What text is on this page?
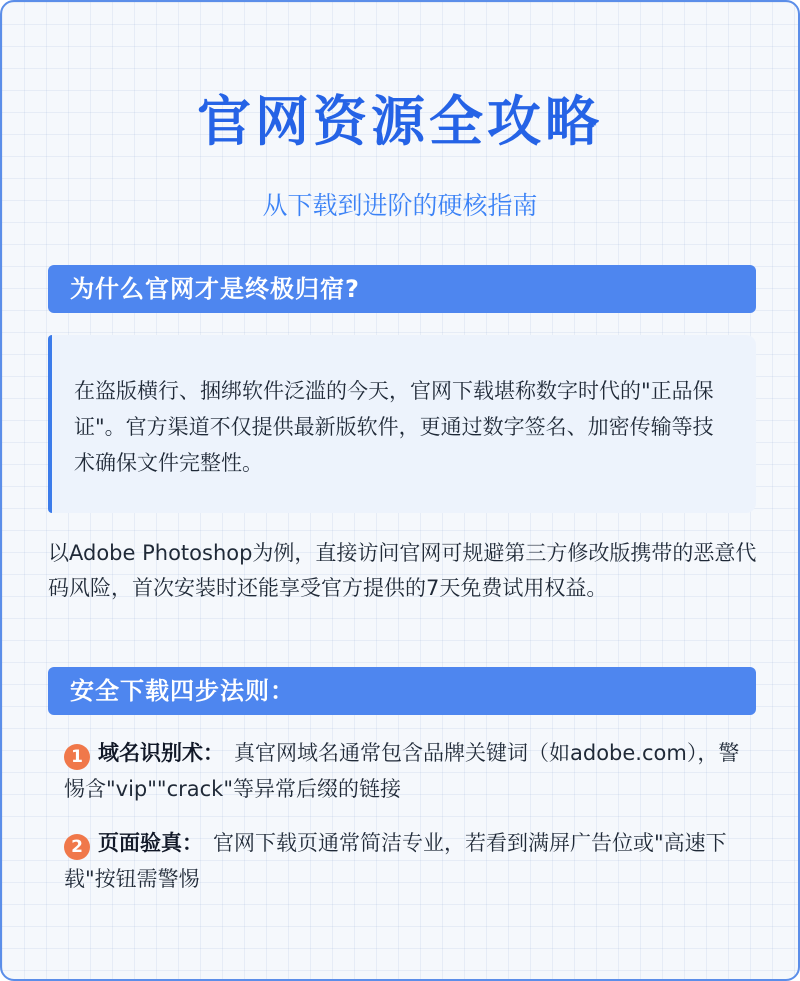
官网资源全攻略
从下载到进阶的硬核指南
为什么官网才是终极归宿?
在盗版横行、捆绑软件泛滥的今天，官网下载堪称数字时代的"正品保证"。官方渠道不仅提供最新版软件，更通过数字签名、加密传输等技术确保文件完整性。
以Adobe Photoshop为例，直接访问官网可规避第三方修改版携带的恶意代码风险，首次安装时还能享受官方提供的7天免费试用权益。
安全下载四步法则：
1 域名识别术： 真官网域名通常包含品牌关键词（如adobe.com），警惕含"vip""crack"等异常后缀的链接
2 页面验真： 官网下载页通常简洁专业，若看到满屏广告位或"高速下载"按钮需警惕
